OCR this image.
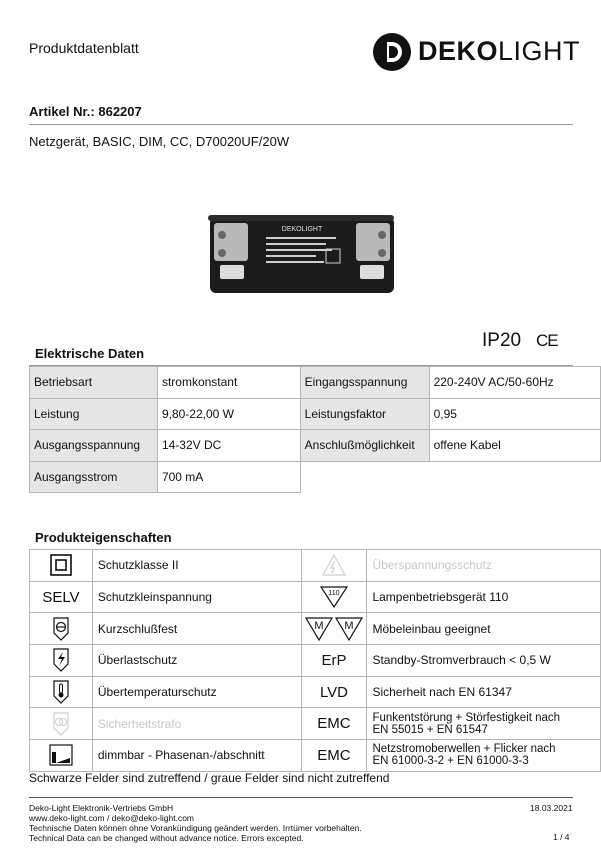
Produktdatenblatt	DEKOLIGHT
Artikel Nr.: 862207
Netzgerät, BASIC, DIM, CC, D70020UF/20W
DEKOLIGHT
IP20 CE
Elektrische Daten
Betriebsart	stromkonstant	Eingangsspannung	220-240V AC/50-60Hz
Leistung	9,80-22,00 W	Leistungsfaktor	0,95
Ausgangsspannung	14-32V DC	Anschlußmöglichkeit	offene Kabel
Ausgangsstrom	700 mA		
Produkteigenschaften
	Schutzklasse II		Überspannungsschutz
SELV	Schutzkleinspannung	110	Lampenbetriebsgerät 110
	Kurzschlußfest	M M	Möbeleinbau geeignet
	Überlastschutz	ErP	Standby-Stromverbrauch < 0,5 W
	Übertemperaturschutz	LVD	Sicherheit nach EN 61347
	Sicherheitstrafo	EMC	Funkentstörung + Störfestigkeit nach
EN 55015 + EN 61547

	dimmbar - Phasenan-/abschnitt	EMC	Netzstromoberwellen + Flicker nach
EN 61000-3-2 + EN 61000-3-3
Schwarze Felder sind zutreffend / graue Felder sind nicht zutreffend
Deko-Light Elektronik-Vertriebs GmbH
www.deko-light.com / deko@deko-light.com
Technische Daten können ohne Vorankündigung geändert werden. Irrtümer vorbehalten.
Technical Data can be changed without advance notice. Errors excepted.
18.03.2021
1 / 4
